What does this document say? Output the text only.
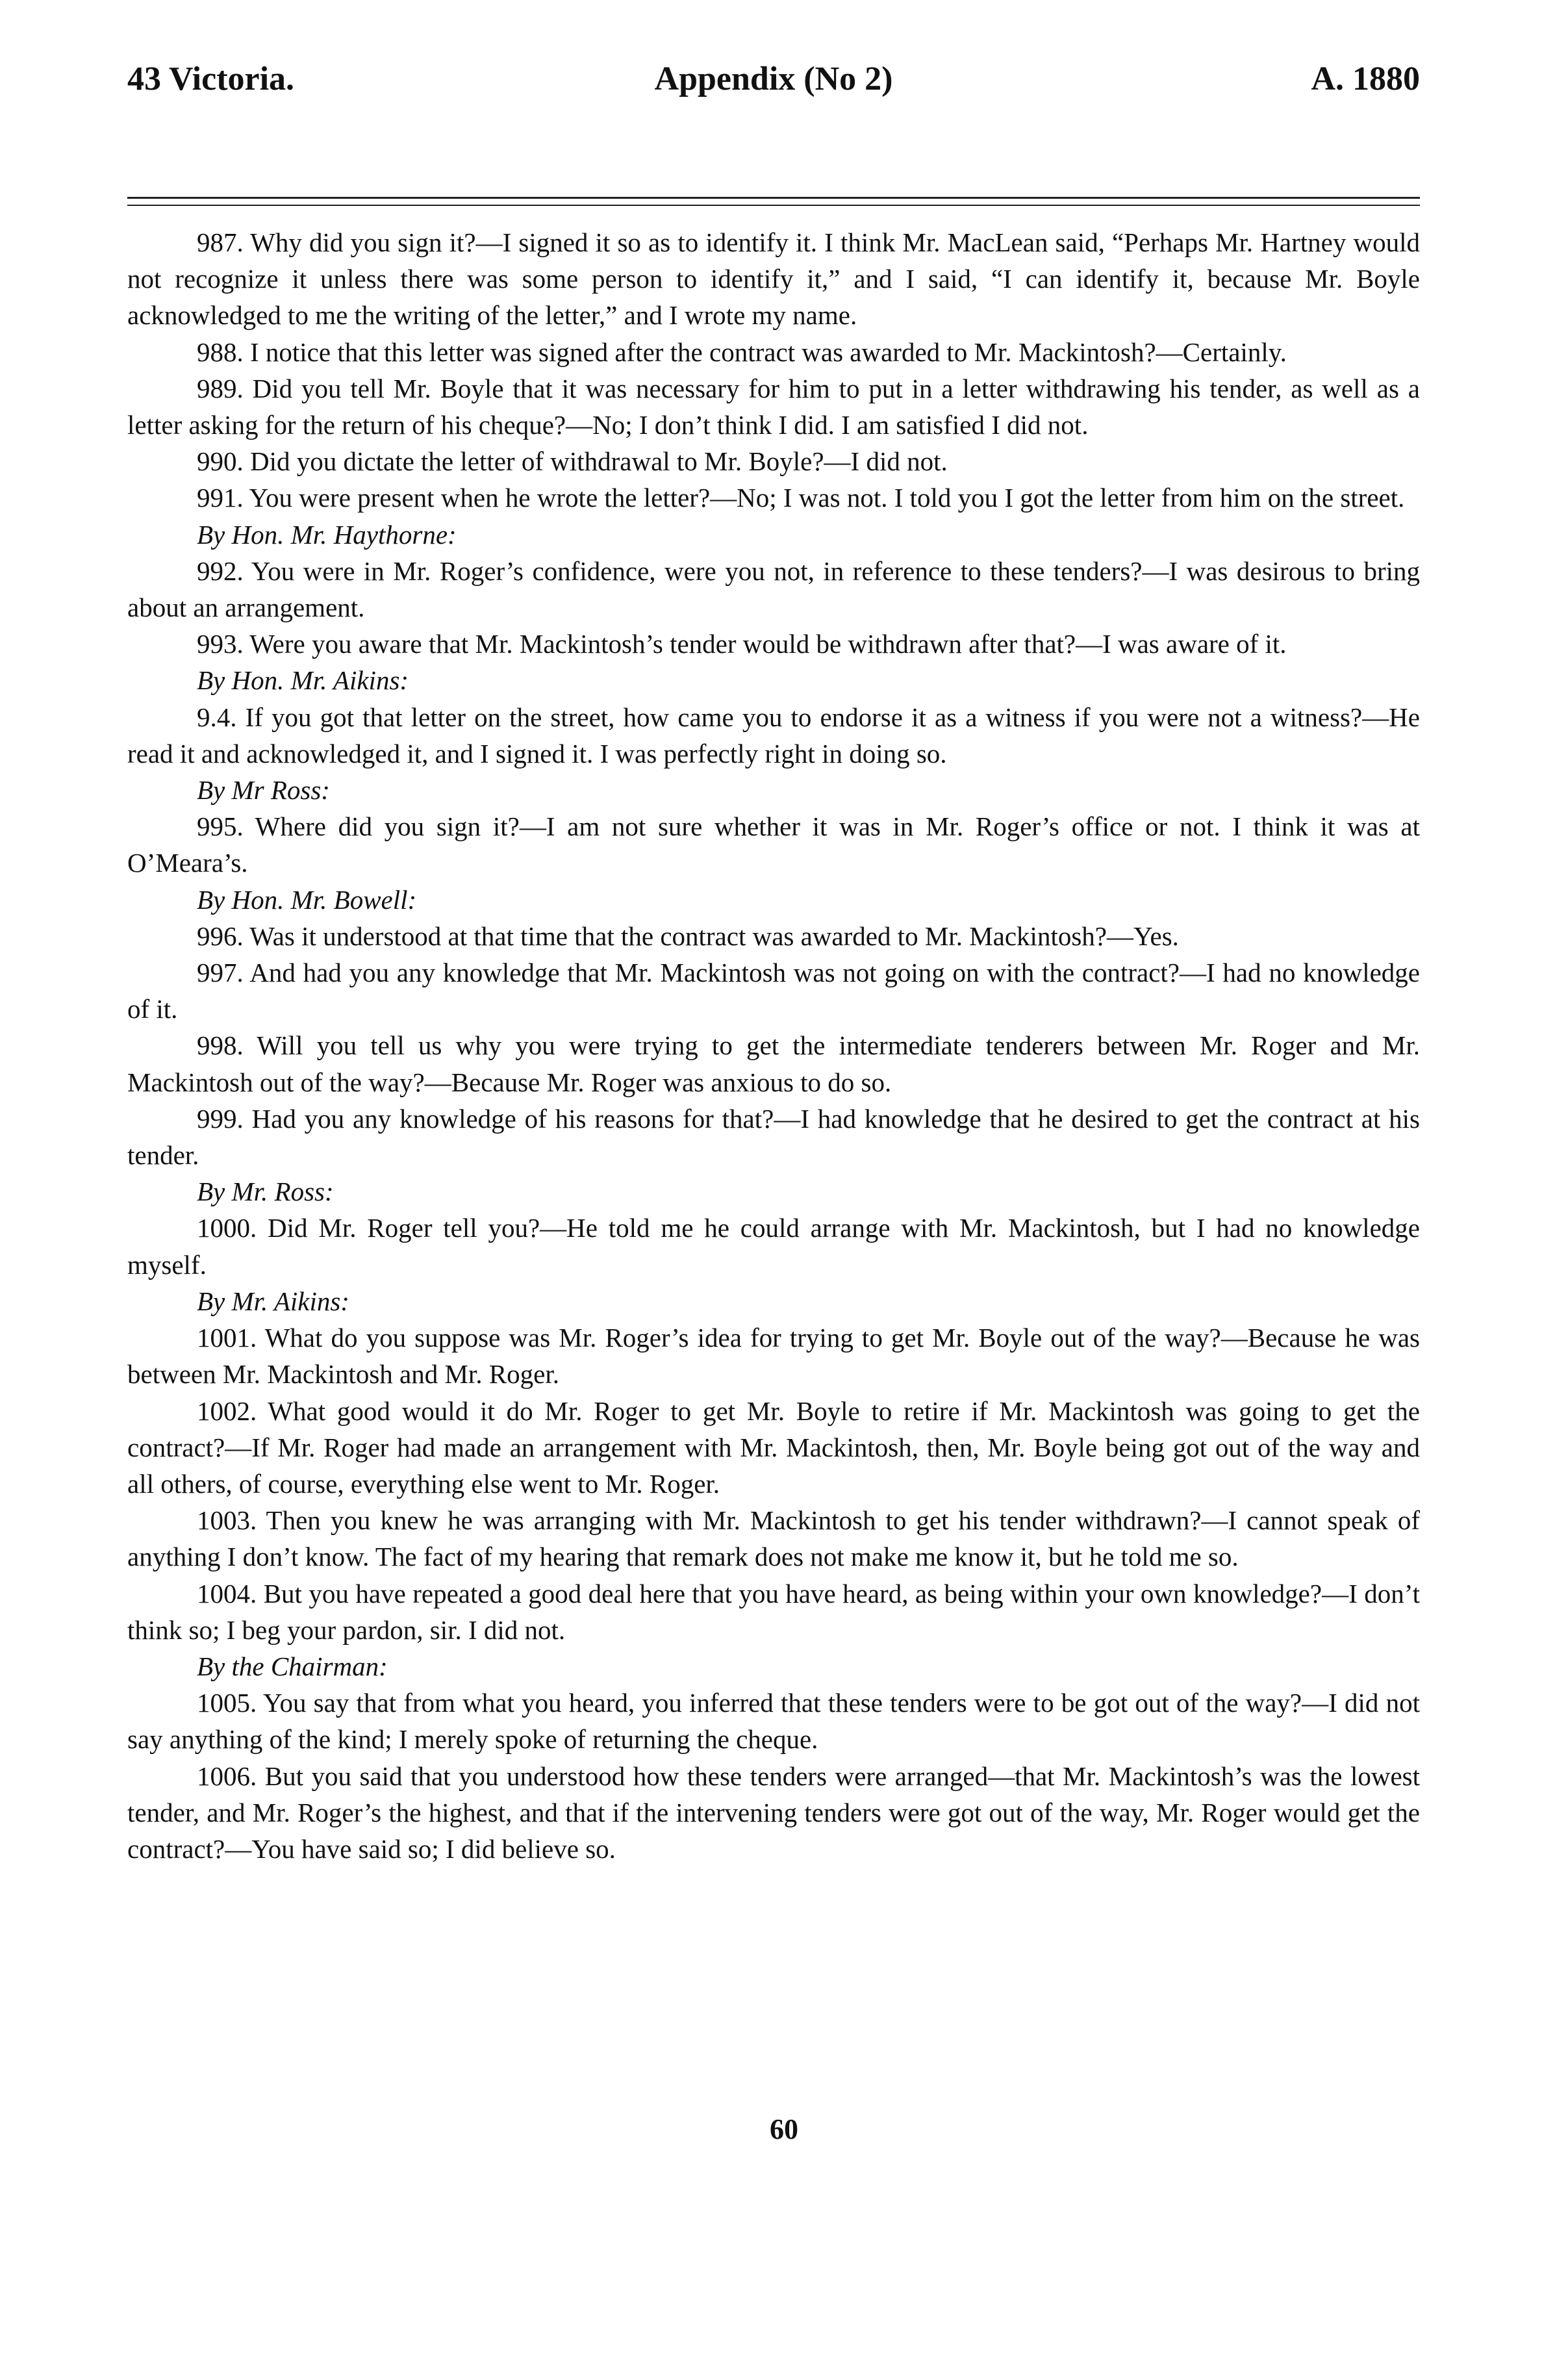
43 Victoria.	Appendix (No 2)	A. 1880

987. Why did you sign it?—I signed it so as to identify it. I think Mr. MacLean said, “Perhaps Mr. Hartney would not recognize it unless there was some person to identify it,” and I said, “I can identify it, because Mr. Boyle acknowledged to me the writing of the letter,” and I wrote my name.

988. I notice that this letter was signed after the contract was awarded to Mr. Mackintosh?—Certainly.

989. Did you tell Mr. Boyle that it was necessary for him to put in a letter withdrawing his tender, as well as a letter asking for the return of his cheque?—No; I don’t think I did. I am satisfied I did not.

990. Did you dictate the letter of withdrawal to Mr. Boyle?—I did not.

991. You were present when he wrote the letter?—No; I was not. I told you I got the letter from him on the street.

By Hon. Mr. Haythorne:

992. You were in Mr. Roger’s confidence, were you not, in reference to these tenders?—I was desirous to bring about an arrangement.

993. Were you aware that Mr. Mackintosh’s tender would be withdrawn after that?—I was aware of it.

By Hon. Mr. Aikins:

9.4. If you got that letter on the street, how came you to endorse it as a witness if you were not a witness?—He read it and acknowledged it, and I signed it. I was perfectly right in doing so.

By Mr Ross:

995. Where did you sign it?—I am not sure whether it was in Mr. Roger’s office or not. I think it was at O’Meara’s.

By Hon. Mr. Bowell:

996. Was it understood at that time that the contract was awarded to Mr. Mackintosh?—Yes.

997. And had you any knowledge that Mr. Mackintosh was not going on with the contract?—I had no knowledge of it.

998. Will you tell us why you were trying to get the intermediate tenderers between Mr. Roger and Mr. Mackintosh out of the way?—Because Mr. Roger was anxious to do so.

999. Had you any knowledge of his reasons for that?—I had knowledge that he desired to get the contract at his tender.

By Mr. Ross:

1000. Did Mr. Roger tell you?—He told me he could arrange with Mr. Mackintosh, but I had no knowledge myself.

By Mr. Aikins:

1001. What do you suppose was Mr. Roger’s idea for trying to get Mr. Boyle out of the way?—Because he was between Mr. Mackintosh and Mr. Roger.

1002. What good would it do Mr. Roger to get Mr. Boyle to retire if Mr. Mackintosh was going to get the contract?—If Mr. Roger had made an arrangement with Mr. Mackintosh, then, Mr. Boyle being got out of the way and all others, of course, everything else went to Mr. Roger.

1003. Then you knew he was arranging with Mr. Mackintosh to get his tender withdrawn?—I cannot speak of anything I don’t know. The fact of my hearing that remark does not make me know it, but he told me so.

1004. But you have repeated a good deal here that you have heard, as being within your own knowledge?—I don’t think so; I beg your pardon, sir. I did not.

By the Chairman:

1005. You say that from what you heard, you inferred that these tenders were to be got out of the way?—I did not say anything of the kind; I merely spoke of returning the cheque.

1006. But you said that you understood how these tenders were arranged—that Mr. Mackintosh’s was the lowest tender, and Mr. Roger’s the highest, and that if the intervening tenders were got out of the way, Mr. Roger would get the contract?—You have said so; I did believe so.

60
